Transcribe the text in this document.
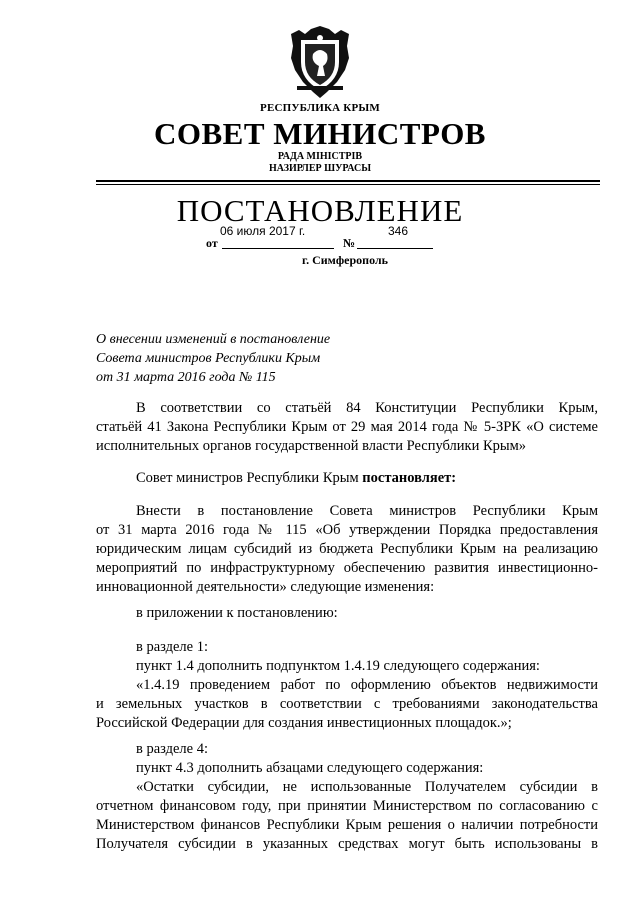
РЕСПУБЛИКА КРЫМ
СОВЕТ МИНИСТРОВ
РАДА МІНІСТРІВ
НАЗИРЛЕР ШУРАСЫ
ПОСТАНОВЛЕНИЕ
от	№
06 июля 2017 г.	346
г. Симферополь
О внесении изменений в постановление
Совета министров Республики Крым
от 31 марта 2016 года № 115
В соответствии со статьёй 84 Конституции Республики Крым,
статьёй 41 Закона Республики Крым от 29 мая 2014 года № 5-ЗРК «О системе
исполнительных органов государственной власти Республики Крым»
Совет министров Республики Крым постановляет:
Внести в постановление Совета министров Республики Крым
от 31 марта 2016 года № 115 «Об утверждении Порядка предоставления
юридическим лицам субсидий из бюджета Республики Крым на реализацию
мероприятий по инфраструктурному обеспечению развития инвестиционно-
инновационной деятельности» следующие изменения:
в приложении к постановлению:
в разделе 1:
пункт 1.4 дополнить подпунктом 1.4.19 следующего содержания:
«1.4.19 проведением работ по оформлению объектов недвижимости
и земельных участков в соответствии с требованиями законодательства
Российской Федерации для создания инвестиционных площадок.»;
в разделе 4:
пункт 4.3 дополнить абзацами следующего содержания:
«Остатки субсидии, не использованные Получателем субсидии в
отчетном финансовом году, при принятии Министерством по согласованию с
Министерством финансов Республики Крым решения о наличии потребности
Получателя субсидии в указанных средствах могут быть использованы в
